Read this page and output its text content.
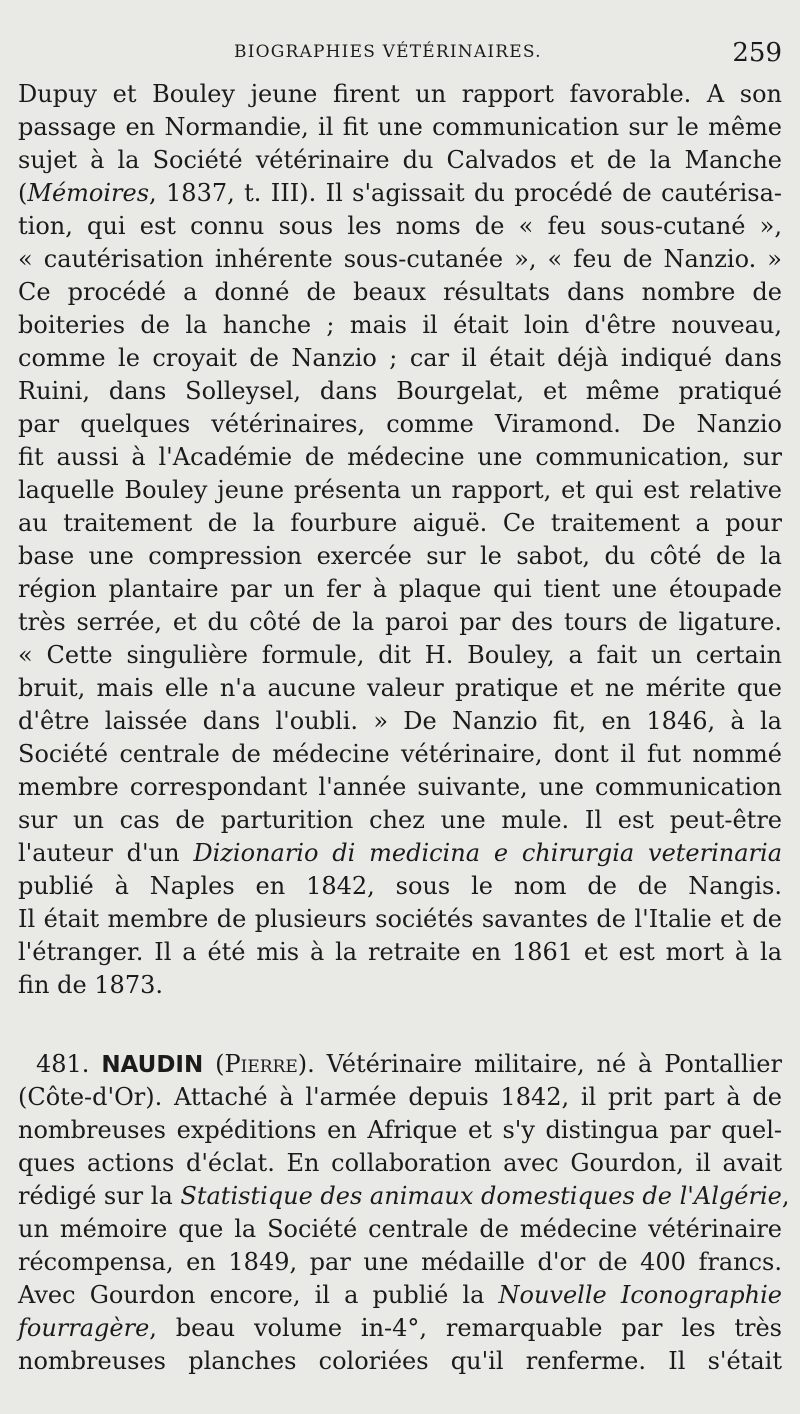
BIOGRAPHIES VÉTÉRINAIRES.	259
Dupuy et Bouley jeune firent un rapport favorable. A son
passage en Normandie, il fit une communication sur le même
sujet à la Société vétérinaire du Calvados et de la Manche
(Mémoires, 1837, t. III). Il s'agissait du procédé de cautérisa-
tion, qui est connu sous les noms de « feu sous-cutané »,
« cautérisation inhérente sous-cutanée », « feu de Nanzio. »
Ce procédé a donné de beaux résultats dans nombre de
boiteries de la hanche ; mais il était loin d'être nouveau,
comme le croyait de Nanzio ; car il était déjà indiqué dans
Ruini, dans Solleysel, dans Bourgelat, et même pratiqué
par quelques vétérinaires, comme Viramond. De Nanzio
fit aussi à l'Académie de médecine une communication, sur
laquelle Bouley jeune présenta un rapport, et qui est relative
au traitement de la fourbure aiguë. Ce traitement a pour
base une compression exercée sur le sabot, du côté de la
région plantaire par un fer à plaque qui tient une étoupade
très serrée, et du côté de la paroi par des tours de ligature.
« Cette singulière formule, dit H. Bouley, a fait un certain
bruit, mais elle n'a aucune valeur pratique et ne mérite que
d'être laissée dans l'oubli. » De Nanzio fit, en 1846, à la
Société centrale de médecine vétérinaire, dont il fut nommé
membre correspondant l'année suivante, une communication
sur un cas de parturition chez une mule. Il est peut-être
l'auteur d'un Dizionario di medicina e chirurgia veterinaria
publié à Naples en 1842, sous le nom de de Nangis.
Il était membre de plusieurs sociétés savantes de l'Italie et de
l'étranger. Il a été mis à la retraite en 1861 et est mort à la
fin de 1873.
481. NAUDIN (Pierre). Vétérinaire militaire, né à Pontallier
(Côte-d'Or). Attaché à l'armée depuis 1842, il prit part à de
nombreuses expéditions en Afrique et s'y distingua par quel-
ques actions d'éclat. En collaboration avec Gourdon, il avait
rédigé sur la Statistique des animaux domestiques de l'Algérie,
un mémoire que la Société centrale de médecine vétérinaire
récompensa, en 1849, par une médaille d'or de 400 francs.
Avec Gourdon encore, il a publié la Nouvelle Iconographie
fourragère, beau volume in-4°, remarquable par les très
nombreuses planches coloriées qu'il renferme. Il s'était
